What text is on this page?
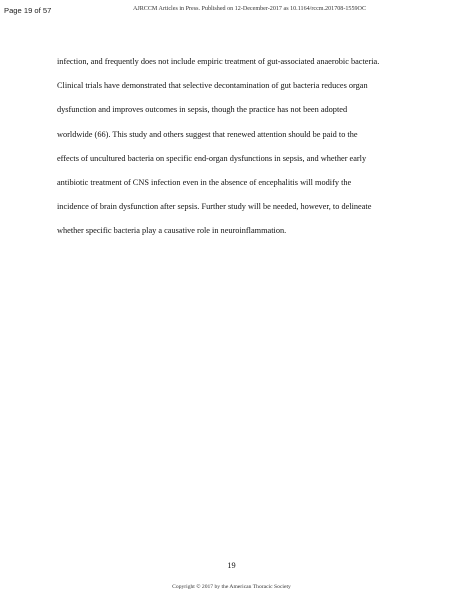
Page 19 of 57	AJRCCM Articles in Press. Published on 12-December-2017 as 10.1164/rccm.201708-1559OC
infection, and frequently does not include empiric treatment of gut-associated anaerobic bacteria.
Clinical trials have demonstrated that selective decontamination of gut bacteria reduces organ
dysfunction and improves outcomes in sepsis, though the practice has not been adopted
worldwide (66). This study and others suggest that renewed attention should be paid to the
effects of uncultured bacteria on specific end-organ dysfunctions in sepsis, and whether early
antibiotic treatment of CNS infection even in the absence of encephalitis will modify the
incidence of brain dysfunction after sepsis. Further study will be needed, however, to delineate
whether specific bacteria play a causative role in neuroinflammation.
19
Copyright © 2017 by the American Thoracic Society
